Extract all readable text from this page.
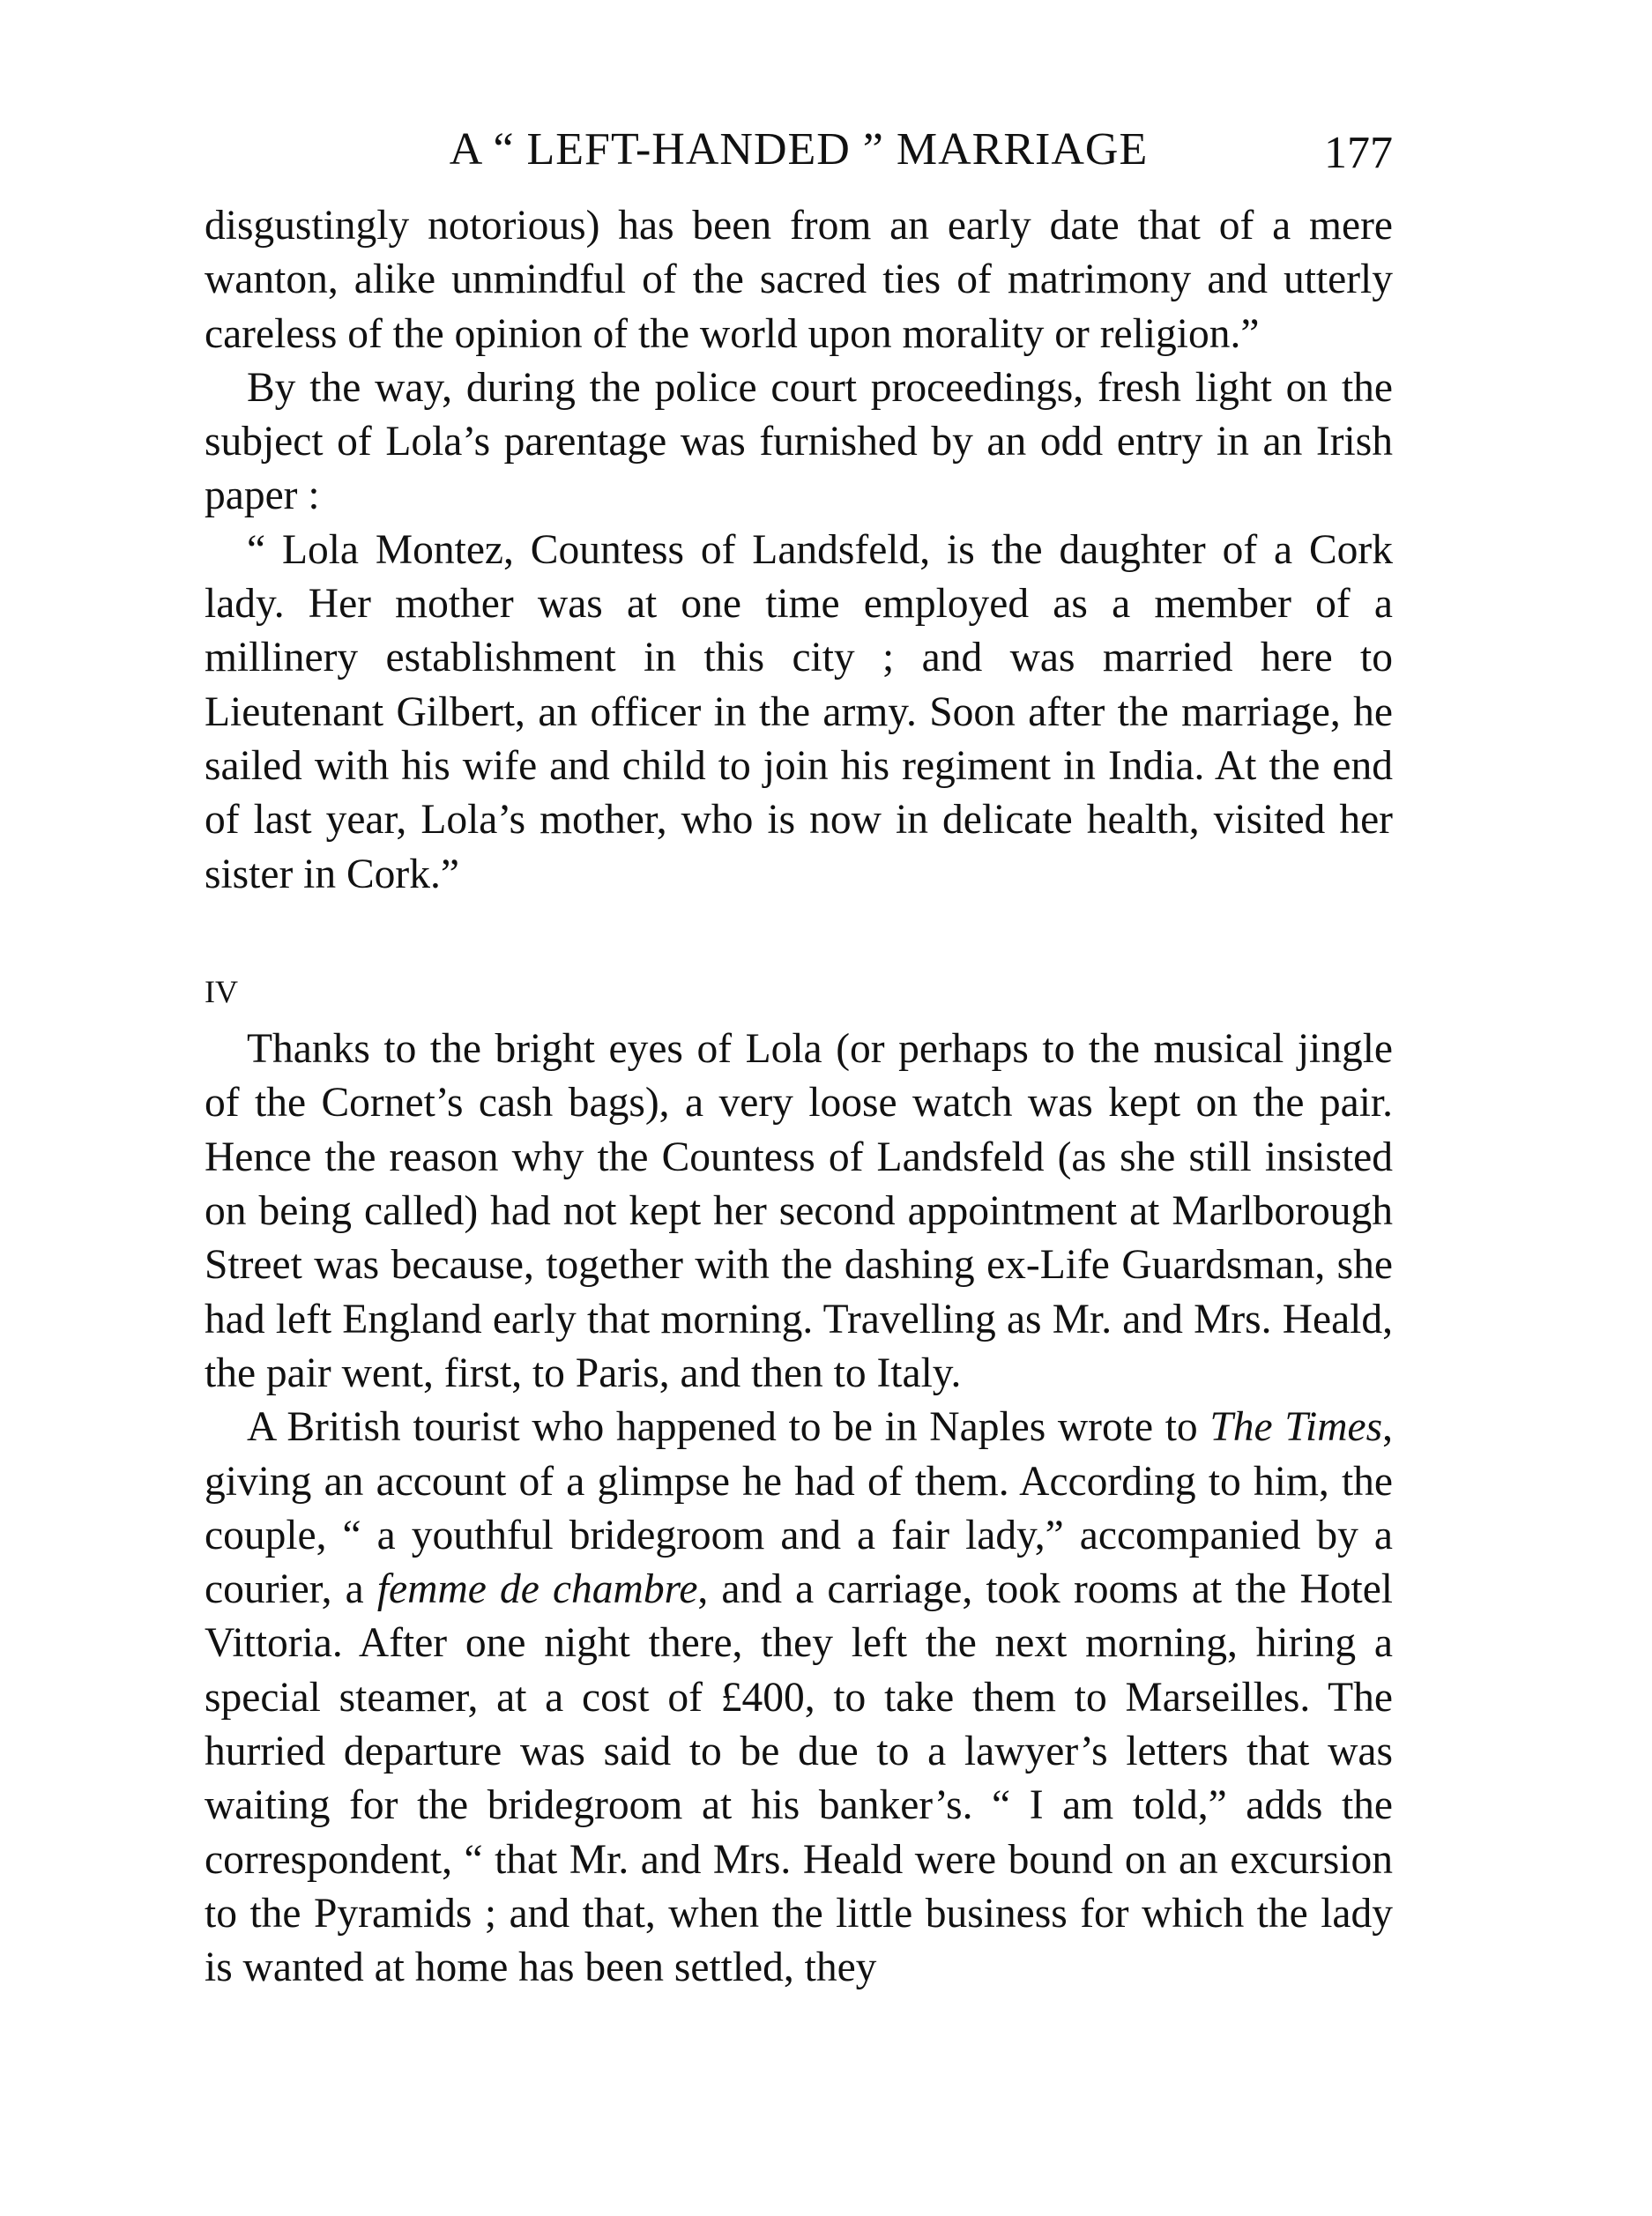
A “ LEFT-HANDED ” MARRIAGE	177

disgustingly notorious) has been from an early date that of a mere wanton, alike unmindful of the sacred ties of matrimony and utterly careless of the opinion of the world upon morality or religion.”

By the way, during the police court proceedings, fresh light on the subject of Lola’s parentage was furnished by an odd entry in an Irish paper :

“ Lola Montez, Countess of Landsfeld, is the daughter of a Cork lady. Her mother was at one time employed as a member of a millinery establishment in this city ; and was married here to Lieutenant Gilbert, an officer in the army. Soon after the marriage, he sailed with his wife and child to join his regiment in India. At the end of last year, Lola’s mother, who is now in delicate health, visited her sister in Cork.”

IV

Thanks to the bright eyes of Lola (or perhaps to the musical jingle of the Cornet’s cash bags), a very loose watch was kept on the pair. Hence the reason why the Countess of Landsfeld (as she still insisted on being called) had not kept her second appointment at Marlborough Street was because, together with the dashing ex-Life Guardsman, she had left England early that morning. Travelling as Mr. and Mrs. Heald, the pair went, first, to Paris, and then to Italy.

A British tourist who happened to be in Naples wrote to The Times, giving an account of a glimpse he had of them. According to him, the couple, “ a youthful bridegroom and a fair lady,” accompanied by a courier, a femme de chambre, and a carriage, took rooms at the Hotel Vittoria. After one night there, they left the next morning, hiring a special steamer, at a cost of £400, to take them to Marseilles. The hurried departure was said to be due to a lawyer’s letters that was waiting for the bridegroom at his banker’s. “ I am told,” adds the correspondent, “ that Mr. and Mrs. Heald were bound on an excursion to the Pyramids ; and that, when the little business for which the lady is wanted at home has been settled, they
